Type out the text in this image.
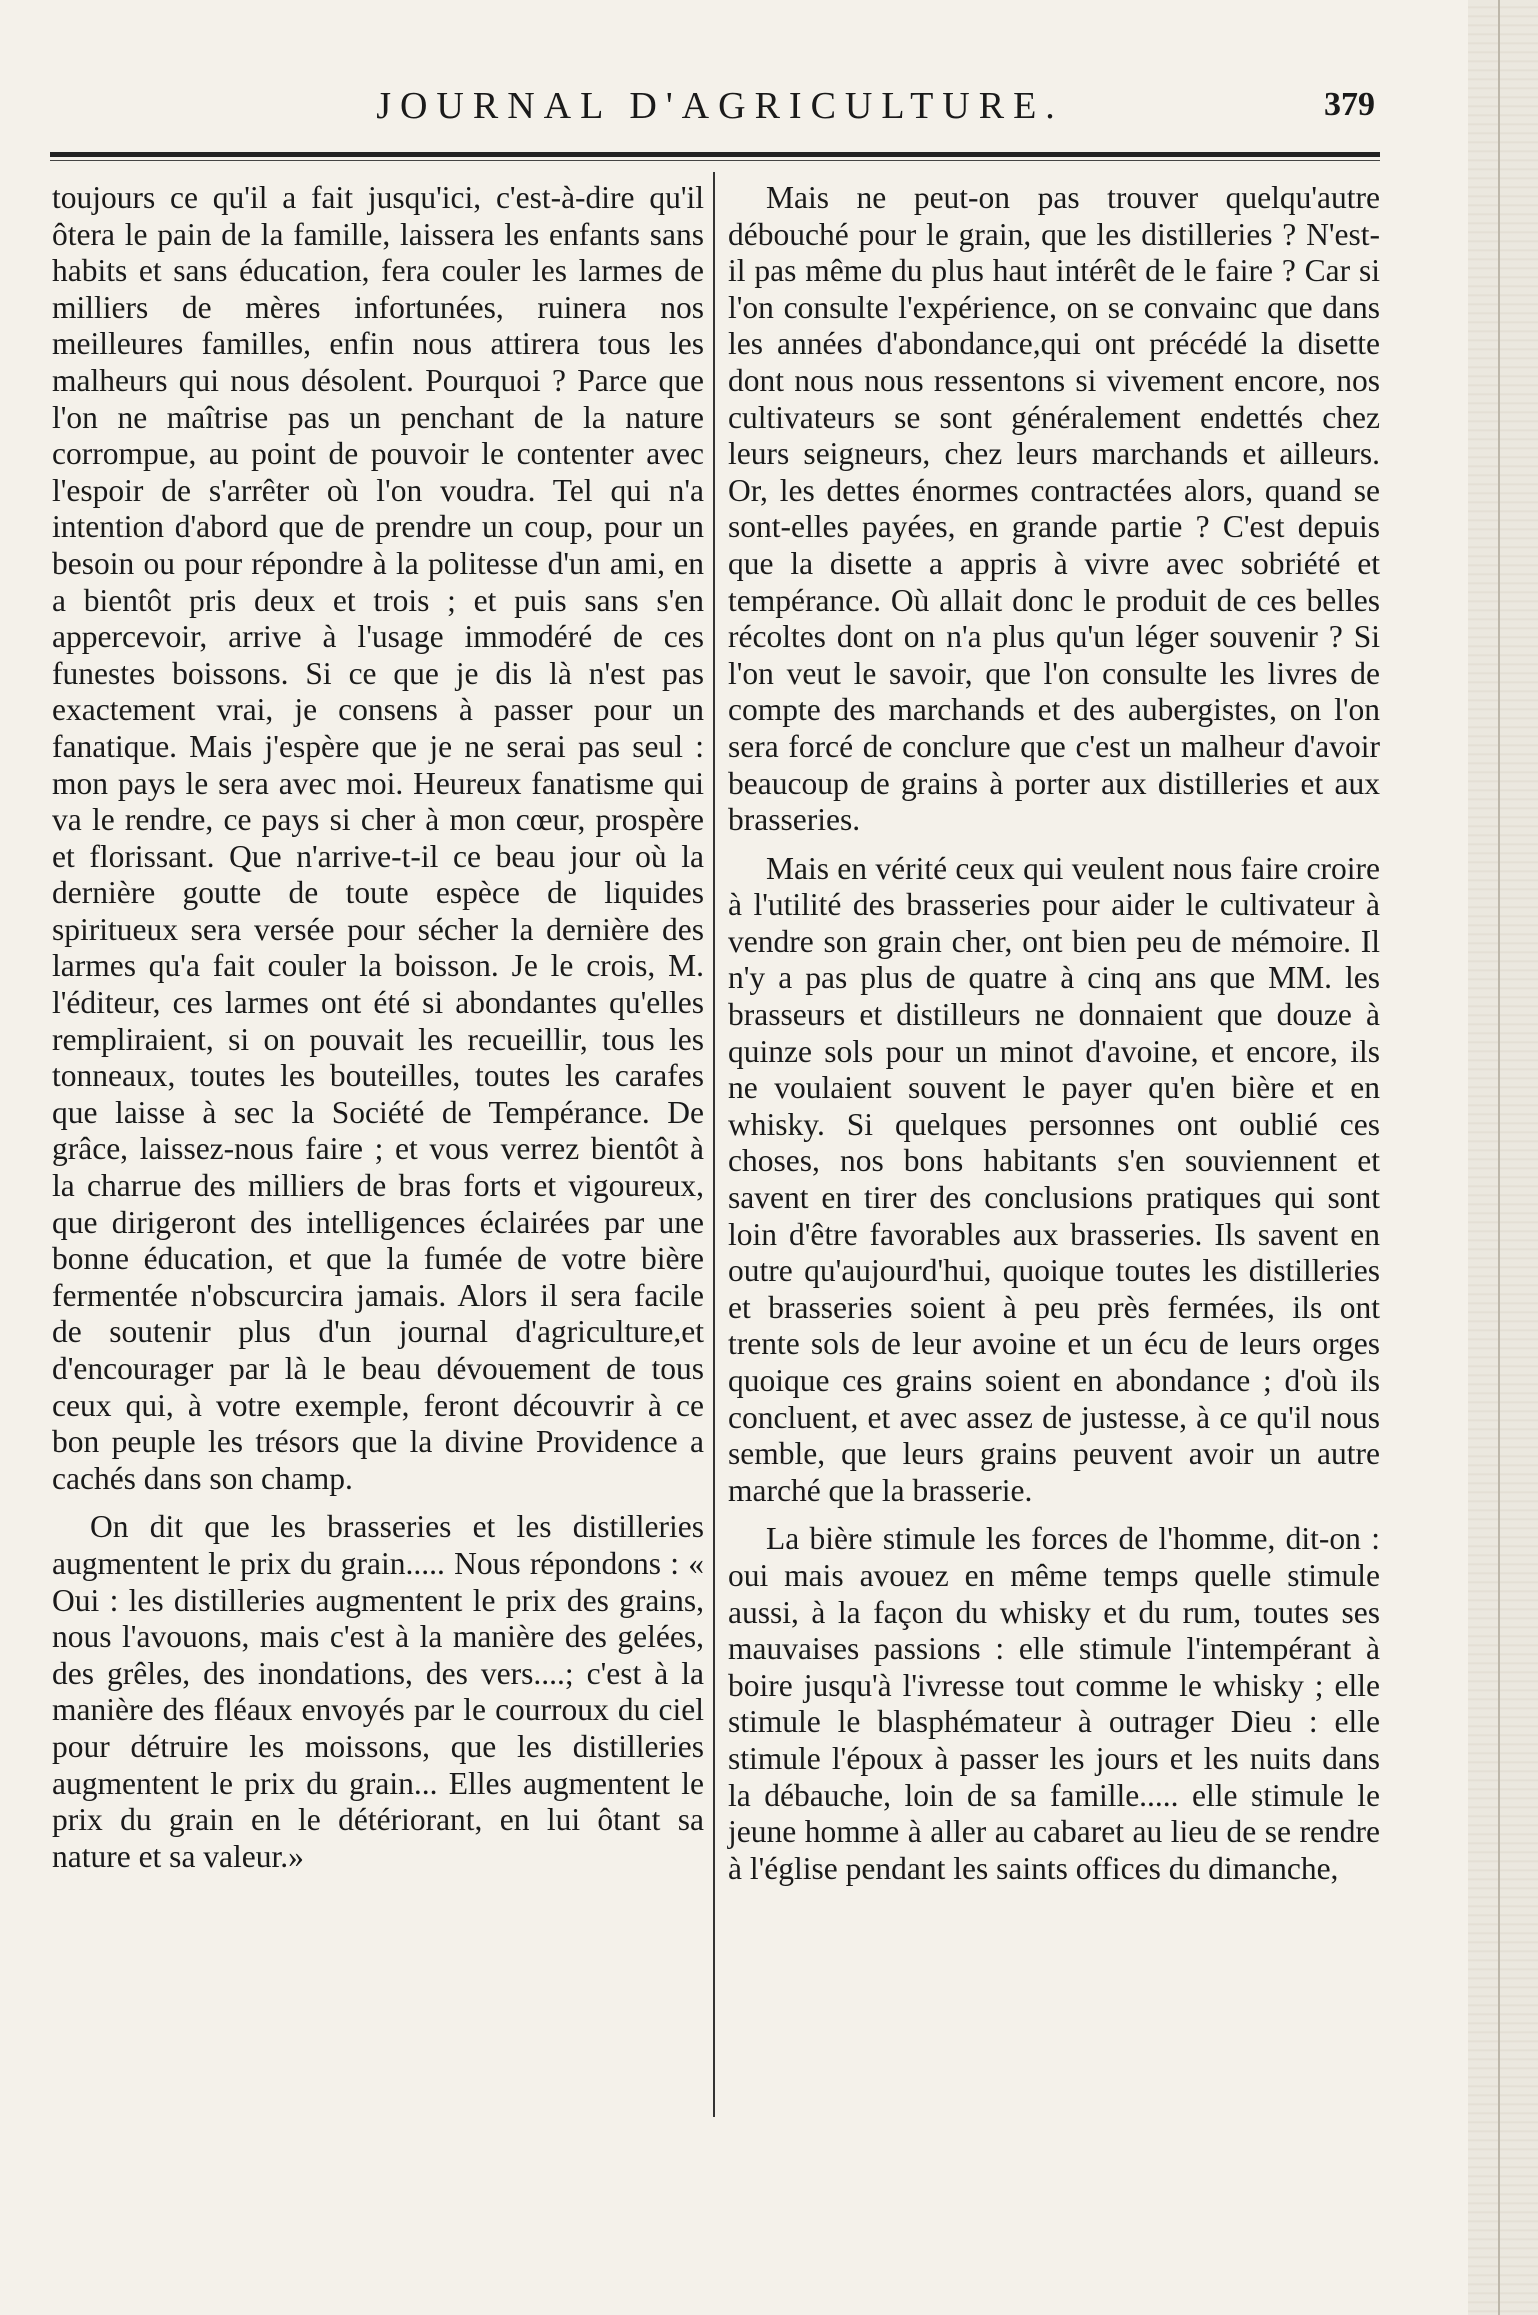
JOURNAL D'AGRICULTURE.	379

toujours ce qu'il a fait jusqu'ici, c'est-à-dire qu'il ôtera le pain de la famille, laissera les enfants sans habits et sans éducation, fera couler les larmes de milliers de mères infortunées, ruinera nos meilleures familles, enfin nous attirera tous les malheurs qui nous désolent. Pourquoi ? Parce que l'on ne maîtrise pas un penchant de la nature corrompue, au point de pouvoir le contenter avec l'espoir de s'arrêter où l'on voudra. Tel qui n'a intention d'abord que de prendre un coup, pour un besoin ou pour répondre à la politesse d'un ami, en a bientôt pris deux et trois ; et puis sans s'en appercevoir, arrive à l'usage immodéré de ces funestes boissons. Si ce que je dis là n'est pas exactement vrai, je consens à passer pour un fanatique. Mais j'espère que je ne serai pas seul : mon pays le sera avec moi. Heureux fanatisme qui va le rendre, ce pays si cher à mon cœur, prospère et florissant. Que n'arrive-t-il ce beau jour où la dernière goutte de toute espèce de liquides spiritueux sera versée pour sécher la dernière des larmes qu'a fait couler la boisson. Je le crois, M. l'éditeur, ces larmes ont été si abondantes qu'elles rempliraient, si on pouvait les recueillir, tous les tonneaux, toutes les bouteilles, toutes les carafes que laisse à sec la Société de Tempérance. De grâce, laissez-nous faire ; et vous verrez bientôt à la charrue des milliers de bras forts et vigoureux, que dirigeront des intelligences éclairées par une bonne éducation, et que la fumée de votre bière fermentée n'obscurcira jamais. Alors il sera facile de soutenir plus d'un journal d'agriculture,et d'encourager par là le beau dévouement de tous ceux qui, à votre exemple, feront découvrir à ce bon peuple les trésors que la divine Providence a cachés dans son champ.

On dit que les brasseries et les distilleries augmentent le prix du grain..... Nous répondons : « Oui : les distilleries augmentent le prix des grains, nous l'avouons, mais c'est à la manière des gelées, des grêles, des inondations, des vers....; c'est à la manière des fléaux envoyés par le courroux du ciel pour détruire les moissons, que les distilleries augmentent le prix du grain... Elles augmentent le prix du grain en le détériorant, en lui ôtant sa nature et sa valeur.»

Mais ne peut-on pas trouver quelqu'autre débouché pour le grain, que les distilleries ? N'est-il pas même du plus haut intérêt de le faire ? Car si l'on consulte l'expérience, on se convainc que dans les années d'abondance,qui ont précédé la disette dont nous nous ressentons si vivement encore, nos cultivateurs se sont généralement endettés chez leurs seigneurs, chez leurs marchands et ailleurs. Or, les dettes énormes contractées alors, quand se sont-elles payées, en grande partie ? C'est depuis que la disette a appris à vivre avec sobriété et tempérance. Où allait donc le produit de ces belles récoltes dont on n'a plus qu'un léger souvenir ? Si l'on veut le savoir, que l'on consulte les livres de compte des marchands et des aubergistes, on l'on sera forcé de conclure que c'est un malheur d'avoir beaucoup de grains à porter aux distilleries et aux brasseries.

Mais en vérité ceux qui veulent nous faire croire à l'utilité des brasseries pour aider le cultivateur à vendre son grain cher, ont bien peu de mémoire. Il n'y a pas plus de quatre à cinq ans que MM. les brasseurs et distilleurs ne donnaient que douze à quinze sols pour un minot d'avoine, et encore, ils ne voulaient souvent le payer qu'en bière et en whisky. Si quelques personnes ont oublié ces choses, nos bons habitants s'en souviennent et savent en tirer des conclusions pratiques qui sont loin d'être favorables aux brasseries. Ils savent en outre qu'aujourd'hui, quoique toutes les distilleries et brasseries soient à peu près fermées, ils ont trente sols de leur avoine et un écu de leurs orges quoique ces grains soient en abondance ; d'où ils concluent, et avec assez de justesse, à ce qu'il nous semble, que leurs grains peuvent avoir un autre marché que la brasserie.

La bière stimule les forces de l'homme, dit-on : oui mais avouez en même temps quelle stimule aussi, à la façon du whisky et du rum, toutes ses mauvaises passions : elle stimule l'intempérant à boire jusqu'à l'ivresse tout comme le whisky ; elle stimule le blasphémateur à outrager Dieu : elle stimule l'époux à passer les jours et les nuits dans la débauche, loin de sa famille..... elle stimule le jeune homme à aller au cabaret au lieu de se rendre à l'église pendant les saints offices du dimanche,
